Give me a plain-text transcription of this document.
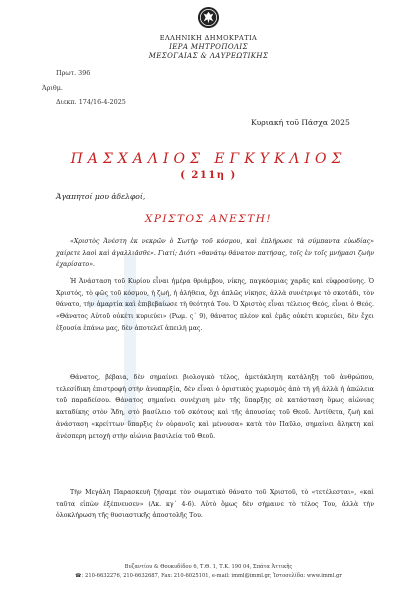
ΕΛΛΗΝΙΚΗ ΔΗΜΟΚΡΑΤΙΑ
ΙΕΡΑ ΜΗΤΡΟΠΟΛΙΣ
ΜΕΣΟΓΑΙΑΣ & ΛΑΥΡΕΩΤΙΚΗΣ
Πρωτ. 396
Άριθμ.
Διεκπ. 174/16-4-2025
Κυριακή τοῦ Πάσχα 2025
ΠΑΣΧΑΛΙΟΣ ΕΓΚΥΚΛΙΟΣ
( 211η )
Ἀγαπητοί μου ἀδελφοί,
ΧΡΙΣΤΟΣ ΑΝΕΣΤΗ!

«Χριστὸς Ἀνέστη ἐκ νεκρῶν ὁ Σωτὴρ τοῦ κόσμου, καὶ ἐπλήρωσε τὰ σύμπαντα εὐωδίας» χαίρετε λαοὶ καὶ ἀγαλλιᾶσθε». Γιατί; Διότι «θανάτῳ θάνατον πατήσας, τοῖς ἐν τοῖς μνήμασι ζωὴν ἐχαρίσατο».

Ἡ Ἀνάσταση τοῦ Κυρίου εἶναι ἡμέρα θριάμβου, νίκης, παγκόσμιας χαρᾶς καὶ εὐφροσύνης. Ὁ Χριστός, τὸ φῶς τοῦ κόσμου, ἡ ζωή, ἡ ἀλήθεια, ὄχι ἁπλῶς νίκησε, ἀλλὰ συνέτριψε τὸ σκοτάδι, τὸν θάνατο, τὴν ἁμαρτία καὶ ἐπιβεβαίωσε τὴ θεότητά Του. Ὁ Χριστὸς εἶναι τέλειος Θεός, εἶναι ὁ Θεός. «Θάνατος Αὐτοῦ οὐκέτι κυριεύει» (Ρωμ. ς΄ 9), θάνατος πλέον καὶ ἐμᾶς οὐκέτι κυριεύει, δὲν ἔχει ἐξουσία ἐπάνω μας, δὲν ἀποτελεῖ ἀπειλή μας.

Θάνατος, βέβαια, δὲν σημαίνει βιολογικὸ τέλος, ἀμετάκλητη κατάληξη τοῦ ἀνθρώπου, τελεσίδικη ἐπιστροφὴ στὴν ἀνυπαρξία, δὲν εἶναι ὁ ὁριστικὸς χωρισμὸς ἀπὸ τὴ γῆ ἀλλὰ ἡ ἀπώλεια τοῦ παραδείσου. Θάνατος σημαίνει συνέχιση μὲν τῆς ὕπαρξης σὲ κατάσταση ὅμως αἰώνιας καταδίκης στὸν Ἅδη, στὸ βασίλειο τοῦ σκότους καὶ τῆς ἀπουσίας τοῦ Θεοῦ. Ἀντίθετα, ζωὴ καὶ ἀνάσταση «κρείττων ὕπαρξις ἐν οὐρανοῖς καὶ μένουσα» κατὰ τὸν Παῦλο, σημαίνει ἄληκτη καὶ ἀνέσπερη μετοχὴ στὴν αἰώνια βασιλεία τοῦ Θεοῦ.

Τὴν Μεγάλη Παρασκευὴ ζήσαμε τὸν σωματικὸ θάνατο τοῦ Χριστοῦ, τὸ «τετέλεσται», «καὶ ταῦτα εἰπὼν ἐξέπνευσεν» (Λκ. κγ΄ 4-6). Αὐτὸ ὅμως δὲν σήμαινε τὸ τέλος Του, ἀλλὰ τὴν ὁλοκλήρωση τῆς θυσιαστικῆς ἀποστολῆς Του.

Βυζαντίου & Θουκυδίδου 6, Τ.Θ. 1, Τ.Κ. 190 04, Σπάτα Ἀττικῆς
☎: 210-6632276, 210-6632687, Fax: 210-6025101, e-mail: imml@imml.gr, Ἱστοσελίδα: www.imml.gr
